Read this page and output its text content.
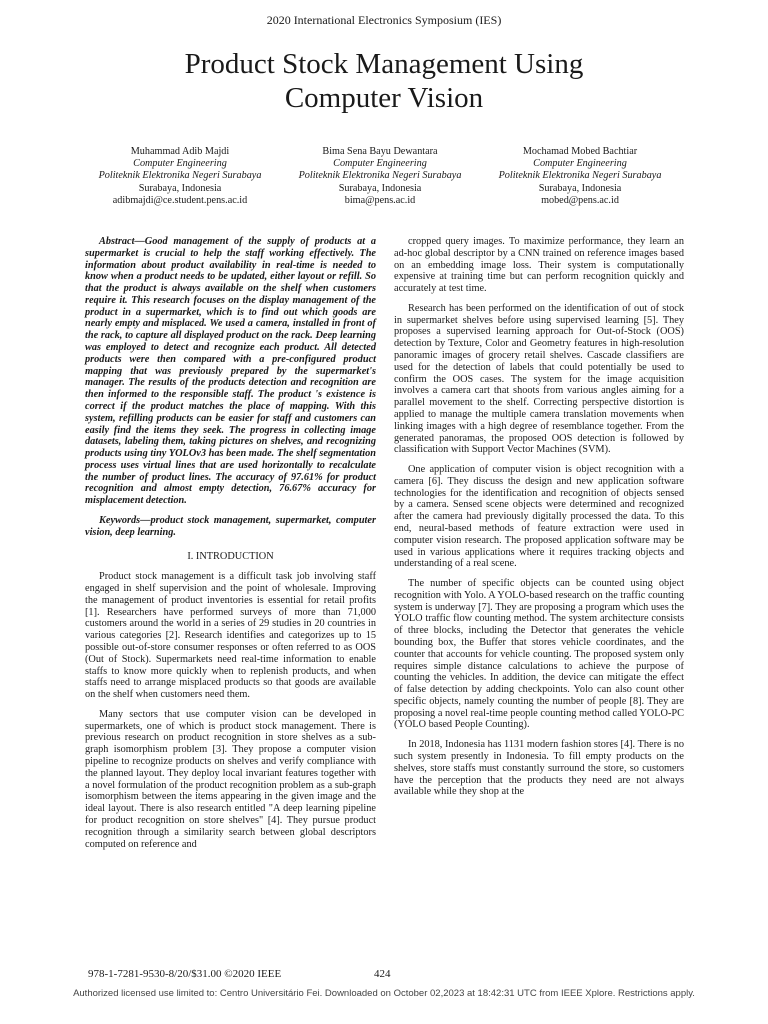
2020 International Electronics Symposium (IES)
Product Stock Management Using
Computer Vision
Muhammad Adib Majdi
Computer Engineering
Politeknik Elektronika Negeri Surabaya
Surabaya, Indonesia
adibmajdi@ce.student.pens.ac.id
Bima Sena Bayu Dewantara
Computer Engineering
Politeknik Elektronika Negeri Surabaya
Surabaya, Indonesia
bima@pens.ac.id
Mochamad Mobed Bachtiar
Computer Engineering
Politeknik Elektronika Negeri Surabaya
Surabaya, Indonesia
mobed@pens.ac.id

Abstract—Good management of the supply of products at a supermarket is crucial to help the staff working effectively. The information about product availability in real-time is needed to know when a product needs to be updated, either layout or refill. So that the product is always available on the shelf when customers require it. This research focuses on the display management of the product in a supermarket, which is to find out which goods are nearly empty and misplaced. We used a camera, installed in front of the rack, to capture all displayed product on the rack. Deep learning was employed to detect and recognize each product. All detected products were then compared with a pre-configured product mapping that was previously prepared by the supermarket's manager. The results of the products detection and recognition are then informed to the responsible staff. The product 's existence is correct if the product matches the place of mapping. With this system, refilling products can be easier for staff and customers can easily find the items they seek. The progress in collecting image datasets, labeling them, taking pictures on shelves, and recognizing products using tiny YOLOv3 has been made. The shelf segmentation process uses virtual lines that are used horizontally to recalculate the number of product lines. The accuracy of 97.61% for product recognition and almost empty detection, 76.67% accuracy for misplacement detection.

Keywords—product stock management, supermarket, computer vision, deep learning.

I. INTRODUCTION

Product stock management is a difficult task job involving staff engaged in shelf supervision and the point of wholesale. Improving the management of product inventories is essential for retail profits [1]. Researchers have performed surveys of more than 71,000 customers around the world in a series of 29 studies in 20 countries in various categories [2]. Research identifies and categorizes up to 15 possible out-of-store consumer responses or often referred to as OOS (Out of Stock). Supermarkets need real-time information to enable staffs to know more quickly when to replenish products, and when staffs need to arrange misplaced products so that goods are available on the shelf when customers need them.

Many sectors that use computer vision can be developed in supermarkets, one of which is product stock management. There is previous research on product recognition in store shelves as a sub-graph isomorphism problem [3]. They propose a computer vision pipeline to recognize products on shelves and verify compliance with the planned layout. They deploy local invariant features together with a novel formulation of the product recognition problem as a sub-graph isomorphism between the items appearing in the given image and the ideal layout. There is also research entitled "A deep learning pipeline for product recognition on store shelves" [4]. They pursue product recognition through a similarity search between global descriptors computed on reference and

cropped query images. To maximize performance, they learn an ad-hoc global descriptor by a CNN trained on reference images based on an embedding image loss. Their system is computationally expensive at training time but can perform recognition quickly and accurately at test time.

Research has been performed on the identification of out of stock in supermarket shelves before using supervised learning [5]. They proposes a supervised learning approach for Out-of-Stock (OOS) detection by Texture, Color and Geometry features in high-resolution panoramic images of grocery retail shelves. Cascade classifiers are used for the detection of labels that could potentially be used to confirm the OOS cases. The system for the image acquisition involves a camera cart that shoots from various angles aiming for a parallel movement to the shelf. Correcting perspective distortion is applied to manage the multiple camera translation movements when linking images with a high degree of resemblance together. From the generated panoramas, the proposed OOS detection is followed by classification with Support Vector Machines (SVM).

One application of computer vision is object recognition with a camera [6]. They discuss the design and new application software technologies for the identification and recognition of objects sensed by a camera. Sensed scene objects were determined and recognized after the camera had previously digitally processed the data. To this end, neural-based methods of feature extraction were used in computer vision research. The proposed application software may be used in various applications where it requires tracking objects and understanding of a real scene.

The number of specific objects can be counted using object recognition with Yolo. A YOLO-based research on the traffic counting system is underway [7]. They are proposing a program which uses the YOLO traffic flow counting method. The system architecture consists of three blocks, including the Detector that generates the vehicle bounding box, the Buffer that stores vehicle coordinates, and the counter that accounts for vehicle counting. The proposed system only requires simple distance calculations to achieve the purpose of counting the vehicles. In addition, the device can mitigate the effect of false detection by adding checkpoints. Yolo can also count other specific objects, namely counting the number of people [8]. They are proposing a novel real-time people counting method called YOLO-PC (YOLO based People Counting).

In 2018, Indonesia has 1131 modern fashion stores [4]. There is no such system presently in Indonesia. To fill empty products on the shelves, store staffs must constantly surround the store, so customers have the perception that the products they need are not always available while they shop at the

978-1-7281-9530-8/20/$31.00 ©2020 IEEE	424
Authorized licensed use limited to: Centro Universitário Fei. Downloaded on October 02,2023 at 18:42:31 UTC from IEEE Xplore. Restrictions apply.
